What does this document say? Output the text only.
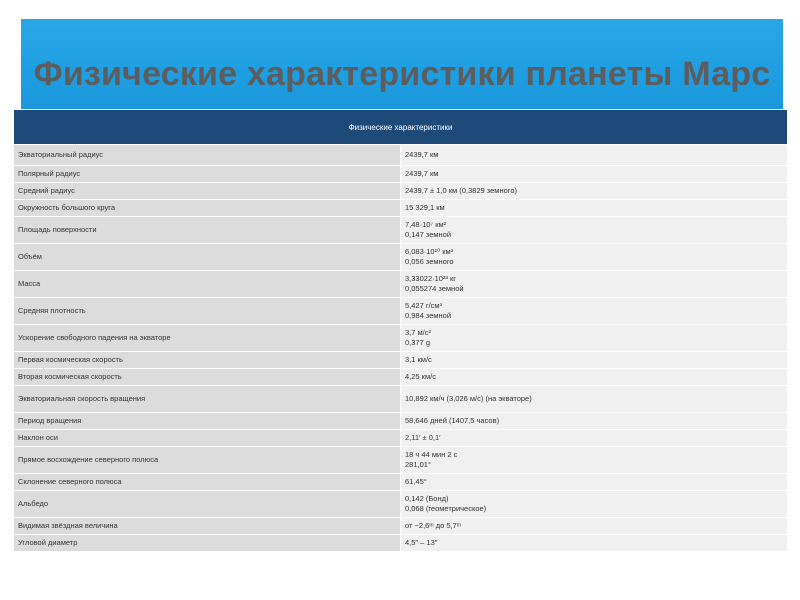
Физические характеристики планеты Марс
Физические характеристики	
Экваториальный радиус	2439,7 км

Полярный радиус	2439,7 км

Средний радиус	2439,7 ± 1,0 км (0,3829 земного)

Окружность большого круга	15 329,1 км

Площадь поверхности	7,48·10⁷ км²
0,147 земной

Объём	6,083·10¹⁰ км³
0,056 земного

Масса	3,33022·10²³ кг
0,055274 земной

Средняя плотность	5,427 г/см³
0,984 земной

Ускорение свободного падения на экваторе	3,7 м/с²
0,377 g

Первая космическая скорость	3,1 км/с

Вторая космическая скорость	4,25 км/с

Экваториальная скорость вращения	10,892 км/ч (3,026 м/с) (на экваторе)

Период вращения	58,646 дней (1407,5 часов)

Наклон оси	2,11′ ± 0,1′

Прямое восхождение северного полюса	18 ч 44 мин 2 с
281,01°

Склонение северного полюса	61,45°

Альбедо	0,142 (Бонд)
0,068 (геометрическое)

Видимая звёздная величина	от −2,6ᵐ до 5,7ᵐ

Угловой диаметр	4,5″ – 13″
